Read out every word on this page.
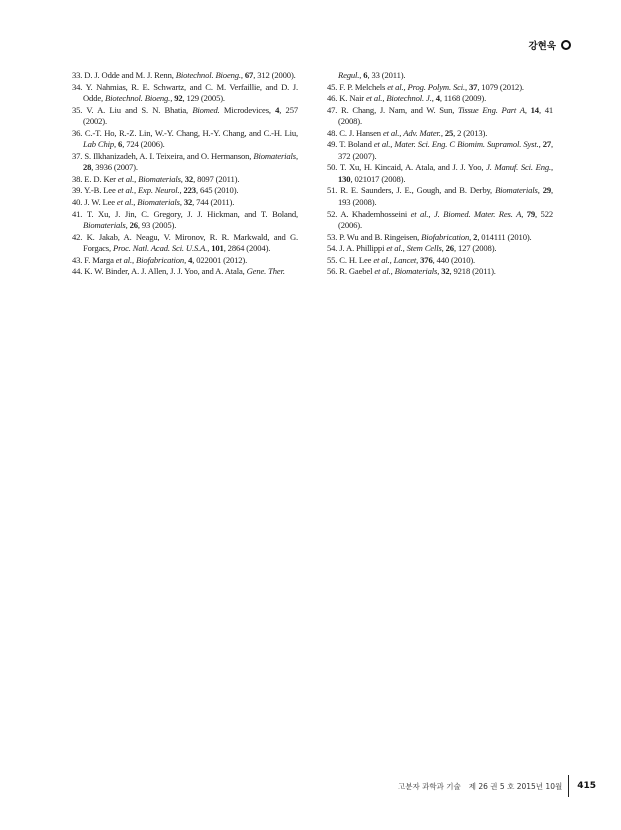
강현욱

33. D. J. Odde and M. J. Renn, Biotechnol. Bioeng., 67, 312 (2000).

34. Y. Nahmias, R. E. Schwartz, and C. M. Verfaillie, and D. J. Odde, Biotechnol. Bioeng., 92, 129 (2005).

35. V. A. Liu and S. N. Bhatia, Biomed. Microdevices, 4, 257 (2002).

36. C.-T. Ho, R.-Z. Lin, W.-Y. Chang, H.-Y. Chang, and C.-H. Liu, Lab Chip, 6, 724 (2006).

37. S. Ilkhanizadeh, A. I. Teixeira, and O. Hermanson, Biomaterials, 28, 3936 (2007).

38. E. D. Ker et al., Biomaterials, 32, 8097 (2011).

39. Y.-B. Lee et al., Exp. Neurol., 223, 645 (2010).

40. J. W. Lee et al., Biomaterials, 32, 744 (2011).

41. T. Xu, J. Jin, C. Gregory, J. J. Hickman, and T. Boland, Biomaterials, 26, 93 (2005).

42. K. Jakab, A. Neagu, V. Mironov, R. R. Markwald, and G. Forgacs, Proc. Natl. Acad. Sci. U.S.A., 101, 2864 (2004).

43. F. Marga et al., Biofabrication, 4, 022001 (2012).

44. K. W. Binder, A. J. Allen, J. J. Yoo, and A. Atala, Gene. Ther.

Regul., 6, 33 (2011).

45. F. P. Melchels et al., Prog. Polym. Sci., 37, 1079 (2012).

46. K. Nair et al., Biotechnol. J., 4, 1168 (2009).

47. R. Chang, J. Nam, and W. Sun, Tissue Eng. Part A, 14, 41 (2008).

48. C. J. Hansen et al., Adv. Mater., 25, 2 (2013).

49. T. Boland et al., Mater. Sci. Eng. C Biomim. Supramol. Syst., 27, 372 (2007).

50. T. Xu, H. Kincaid, A. Atala, and J. J. Yoo, J. Manuf. Sci. Eng., 130, 021017 (2008).

51. R. E. Saunders, J. E., Gough, and B. Derby, Biomaterials, 29, 193 (2008).

52. A. Khademhosseini et al., J. Biomed. Mater. Res. A, 79, 522 (2006).

53. P. Wu and B. Ringeisen, Biofabrication, 2, 014111 (2010).

54. J. A. Phillippi et al., Stem Cells, 26, 127 (2008).

55. C. H. Lee et al., Lancet, 376, 440 (2010).

56. R. Gaebel et al., Biomaterials, 32, 9218 (2011).

고분자 과학과 기술 제 26 권 5 호 2015년 10월 415
